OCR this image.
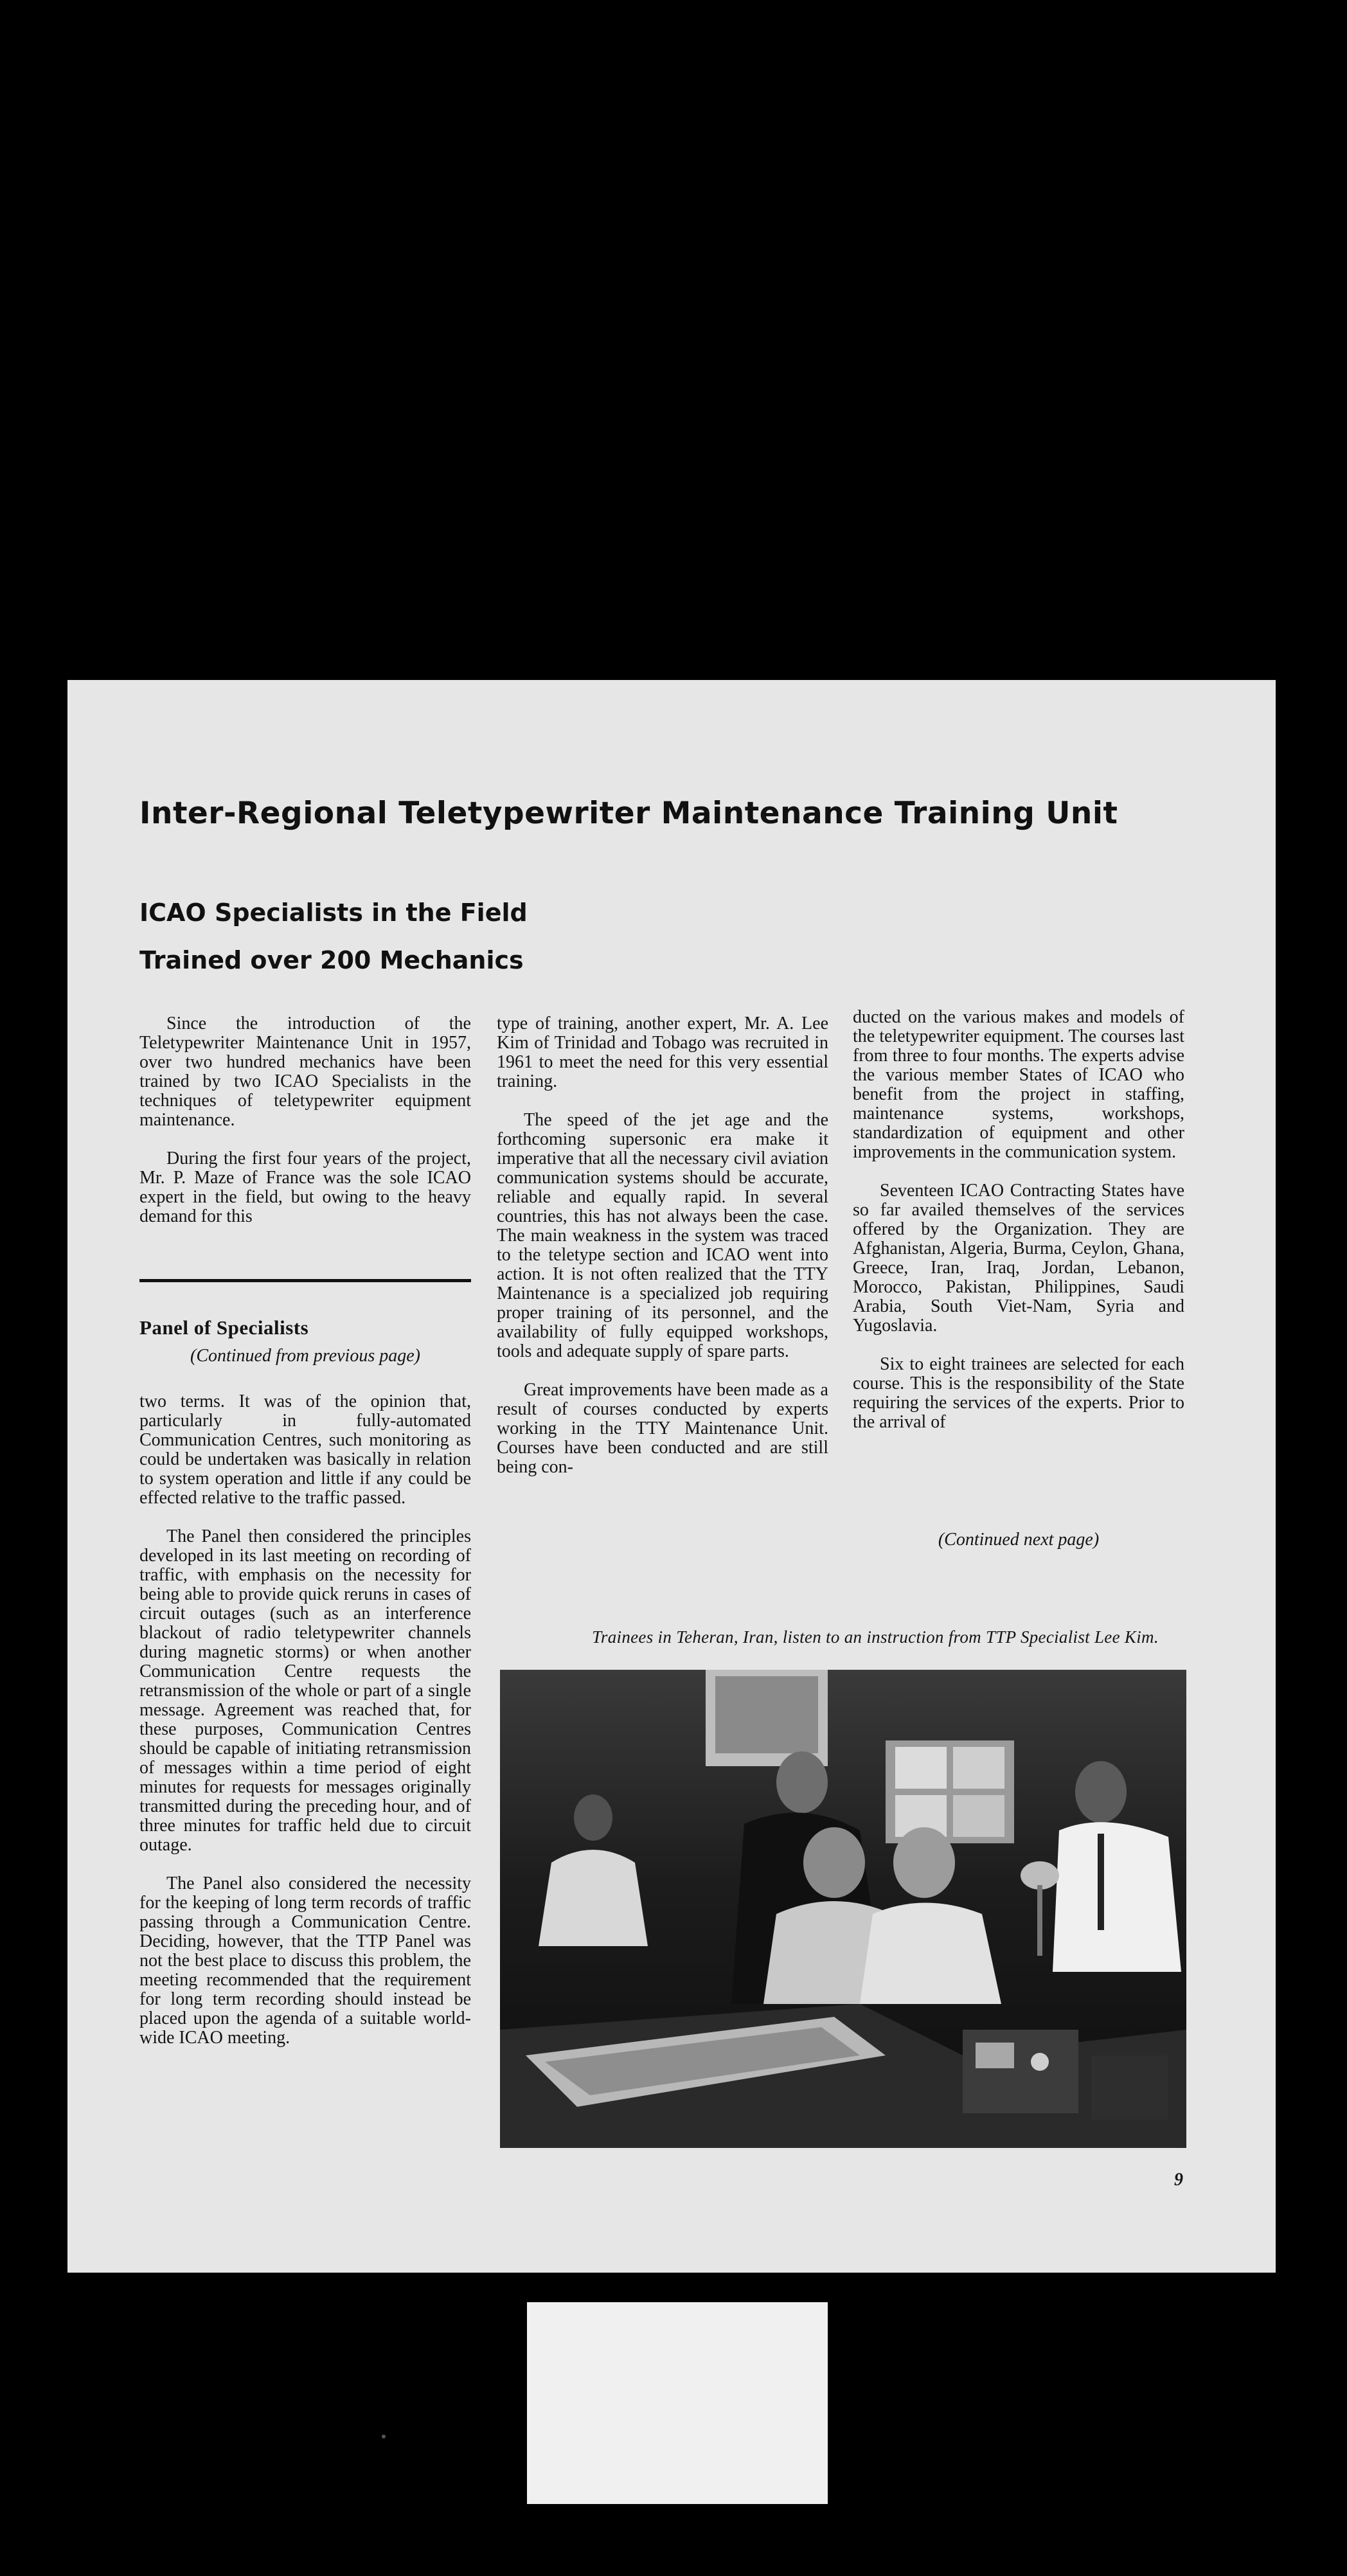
Inter-Regional Teletypewriter Maintenance Training Unit
ICAO Specialists in the Field
Trained over 200 Mechanics

Since the introduction of the Teletypewriter Maintenance Unit in 1957, over two hundred mechanics have been trained by two ICAO Specialists in the techniques of teletypewriter equipment maintenance.

During the first four years of the project, Mr. P. Maze of France was the sole ICAO expert in the field, but owing to the heavy demand for this

Panel of Specialists
(Continued from previous page)

two terms. It was of the opinion that, particularly in fully-automated Communication Centres, such monitoring as could be undertaken was basically in relation to system operation and little if any could be effected relative to the traffic passed.

The Panel then considered the principles developed in its last meeting on recording of traffic, with emphasis on the necessity for being able to provide quick reruns in cases of circuit outages (such as an interference blackout of radio teletypewriter channels during magnetic storms) or when another Communication Centre requests the retransmission of the whole or part of a single message. Agreement was reached that, for these purposes, Communication Centres should be capable of initiating retransmission of messages within a time period of eight minutes for requests for messages originally transmitted during the preceding hour, and of three minutes for traffic held due to circuit outage.

The Panel also considered the necessity for the keeping of long term records of traffic passing through a Communication Centre. Deciding, however, that the TTP Panel was not the best place to discuss this problem, the meeting recommended that the requirement for long term recording should instead be placed upon the agenda of a suitable world-wide ICAO meeting.

type of training, another expert, Mr. A. Lee Kim of Trinidad and Tobago was recruited in 1961 to meet the need for this very essential training.

The speed of the jet age and the forthcoming supersonic era make it imperative that all the necessary civil aviation communication systems should be accurate, reliable and equally rapid. In several countries, this has not always been the case. The main weakness in the system was traced to the teletype section and ICAO went into action. It is not often realized that the TTY Maintenance is a specialized job requiring proper training of its personnel, and the availability of fully equipped workshops, tools and adequate supply of spare parts.

Great improvements have been made as a result of courses conducted by experts working in the TTY Maintenance Unit. Courses have been conducted and are still being con-

ducted on the various makes and models of the teletypewriter equipment. The courses last from three to four months. The experts advise the various member States of ICAO who benefit from the project in staffing, maintenance systems, workshops, standardization of equipment and other improvements in the communication system.

Seventeen ICAO Contracting States have so far availed themselves of the services offered by the Organization. They are Afghanistan, Algeria, Burma, Ceylon, Ghana, Greece, Iran, Iraq, Jordan, Lebanon, Morocco, Pakistan, Philippines, Saudi Arabia, South Viet-Nam, Syria and Yugoslavia.

Six to eight trainees are selected for each course. This is the responsibility of the State requiring the services of the experts. Prior to the arrival of

(Continued next page)
Trainees in Teheran, Iran, listen to an instruction from TTP Specialist Lee Kim.
9
